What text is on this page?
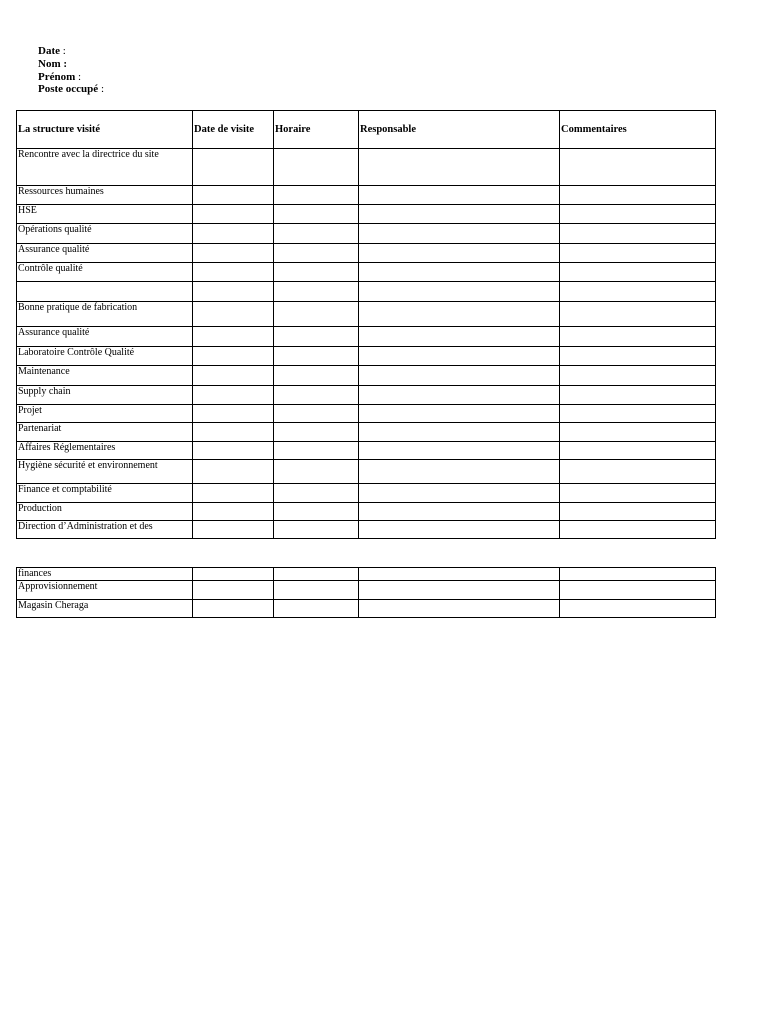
Date :
Nom :
Prénom :
Poste occupé :
La structure visité	Date de visite	Horaire	Responsable	Commentaires
Rencontre avec la directrice du site				
Ressources humaines				
HSE				
Opérations qualité				
Assurance qualité				
Contrôle qualité				

Bonne pratique de fabrication				
Assurance qualité				
Laboratoire Contrôle Qualité				
Maintenance				
Supply chain				
Projet				
Partenariat				
Affaires Réglementaires				
Hygiène sécurité et environnement				
Finance et comptabilité				
Production				
Direction d’Administration et des				
finances				
Approvisionnement				
Magasin Cheraga				
